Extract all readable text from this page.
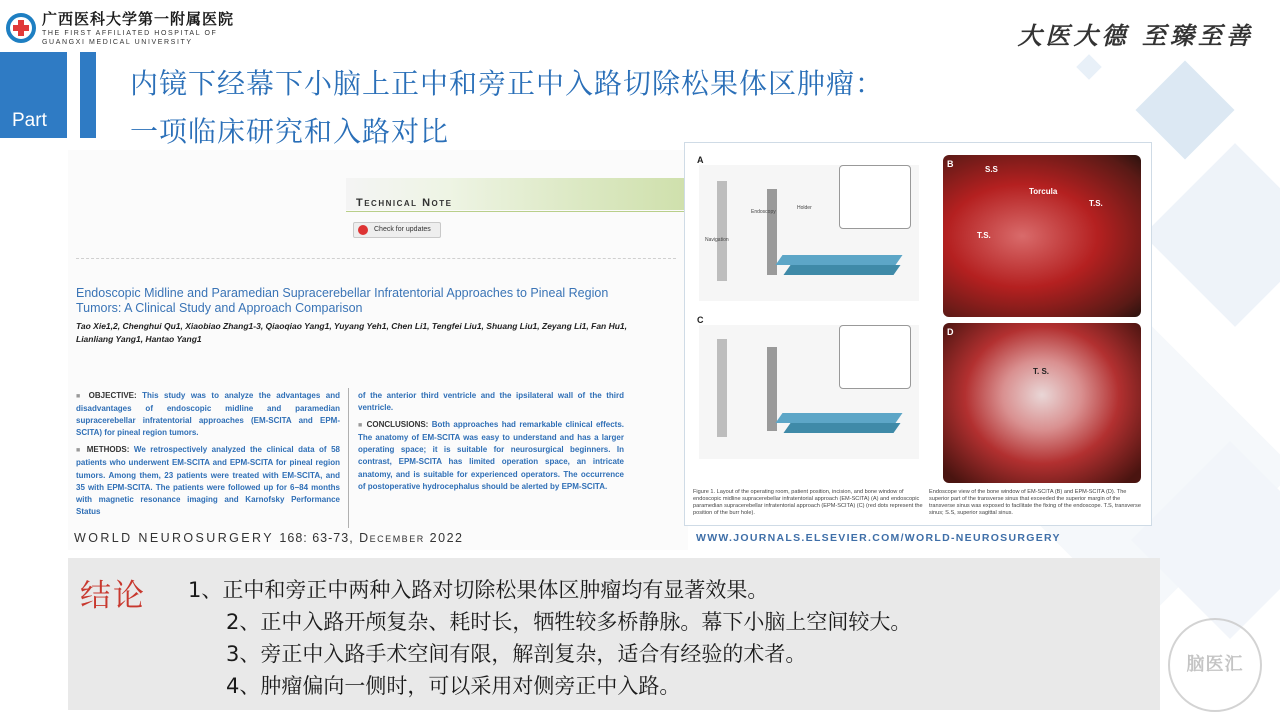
广西医科大学第一附属医院
THE FIRST AFFILIATED HOSPITAL OF
GUANGXI MEDICAL UNIVERSITY	大医大德 至臻至善
Part
内镜下经幕下小脑上正中和旁正中入路切除松果体区肿瘤：
一项临床研究和入路对比
Technical Note
Check for updates
Endoscopic Midline and Paramedian Supracerebellar Infratentorial Approaches to Pineal Region Tumors: A Clinical Study and Approach Comparison
Tao Xie1,2, Chenghui Qu1, Xiaobiao Zhang1-3, Qiaoqiao Yang1, Yuyang Yeh1, Chen Li1, Tengfei Liu1, Shuang Liu1, Zeyang Li1, Fan Hu1, Lianliang Yang1, Hantao Yang1

■ OBJECTIVE: This study was to analyze the advantages and disadvantages of endoscopic midline and paramedian supracerebellar infratentorial approaches (EM-SCITA and EPM-SCITA) for pineal region tumors.

■ METHODS: We retrospectively analyzed the clinical data of 58 patients who underwent EM-SCITA and EPM-SCITA for pineal region tumors. Among them, 23 patients were treated with EM-SCITA, and 35 with EPM-SCITA. The patients were followed up for 6−84 months with magnetic resonance imaging and Karnofsky Performance Status

of the anterior third ventricle and the ipsilateral wall of the third ventricle.

■ CONCLUSIONS: Both approaches had remarkable clinical effects. The anatomy of EM-SCITA was easy to understand and has a larger operating space; it is suitable for neurosurgical beginners. In contrast, EPM-SCITA has limited operation space, an intricate anatomy, and is suitable for experienced operators. The occurrence of postoperative hydrocephalus should be alerted by EPM-SCITA.

WORLD NEUROSURGERY 168: 63-73, December 2022
A
Endoscopy
Holder
Navigation
B
S.S
Torcula
T.S.
T.S.
C
D
T. S.
Figure 1. Layout of the operating room, patient position, incision, and bone window of endoscopic midline supracerebellar infratentorial approach (EM-SCITA) (A) and endoscopic paramedian supracerebellar infratentorial approach (EPM-SCITA) (C) (red dots represent the position of the burr hole).
Endoscope view of the bone window of EM-SCITA (B) and EPM-SCITA (D). The superior part of the transverse sinus that exceeded the superior margin of the transverse sinus was exposed to facilitate the fixing of the endoscope. T.S, transverse sinus; S.S, superior sagittal sinus.
WWW.JOURNALS.ELSEVIER.COM/WORLD-NEUROSURGERY
结论 1、正中和旁正中两种入路对切除松果体区肿瘤均有显著效果。
2、正中入路开颅复杂、耗时长，牺牲较多桥静脉。幕下小脑上空间较大。
3、旁正中入路手术空间有限，解剖复杂，适合有经验的术者。
4、肿瘤偏向一侧时，可以采用对侧旁正中入路。
脑医汇
